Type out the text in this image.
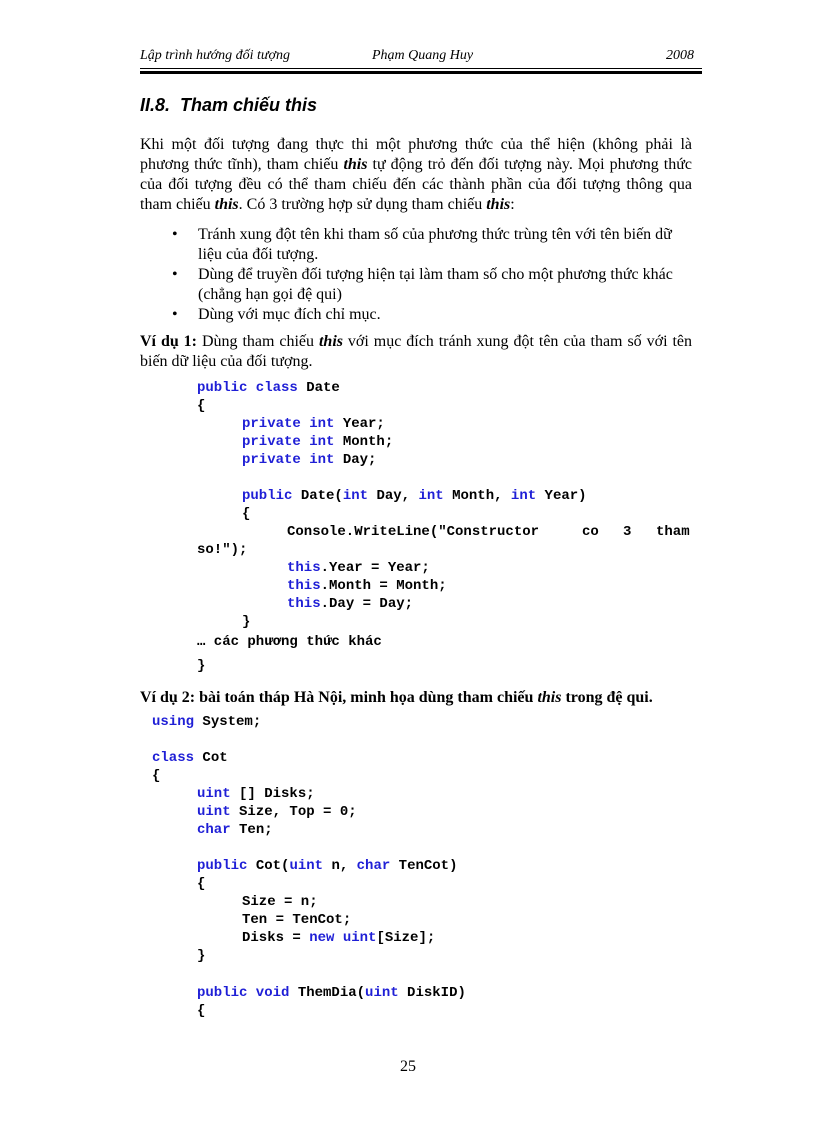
Lập trình hướng đối tượng	Phạm Quang Huy	2008
II.8. Tham chiếu this
Khi một đối tượng đang thực thi một phương thức của thể hiện (không phải là phương thức tĩnh), tham chiếu this tự động trỏ đến đối tượng này. Mọi phương thức của đối tượng đều có thể tham chiếu đến các thành phần của đối tượng thông qua tham chiếu this. Có 3 trường hợp sử dụng tham chiếu this:
• Tránh xung đột tên khi tham số của phương thức trùng tên với tên biến dữ liệu của đối tượng.
• Dùng để truyền đối tượng hiện tại làm tham số cho một phương thức khác (chẳng hạn gọi đệ qui)
• Dùng với mục đích chỉ mục.
Ví dụ 1: Dùng tham chiếu this với mục đích tránh xung đột tên của tham số với tên biến dữ liệu của đối tượng.
public class Date
{
private int Year;
private int Month;
private int Day;
public Date(int Day, int Month, int Year)
{
Console.WriteLine("Constructor	co 3 tham
so!");
this.Year = Year;
this.Month = Month;
this.Day = Day;
}
… các phương thức khác
}
Ví dụ 2: bài toán tháp Hà Nội, minh họa dùng tham chiếu this trong đệ qui.
using System;
class Cot
{
uint [] Disks;
uint Size, Top = 0;
char Ten;
public Cot(uint n, char TenCot)
{
Size = n;
Ten = TenCot;
Disks = new uint[Size];
}
public void ThemDia(uint DiskID)
{
25
